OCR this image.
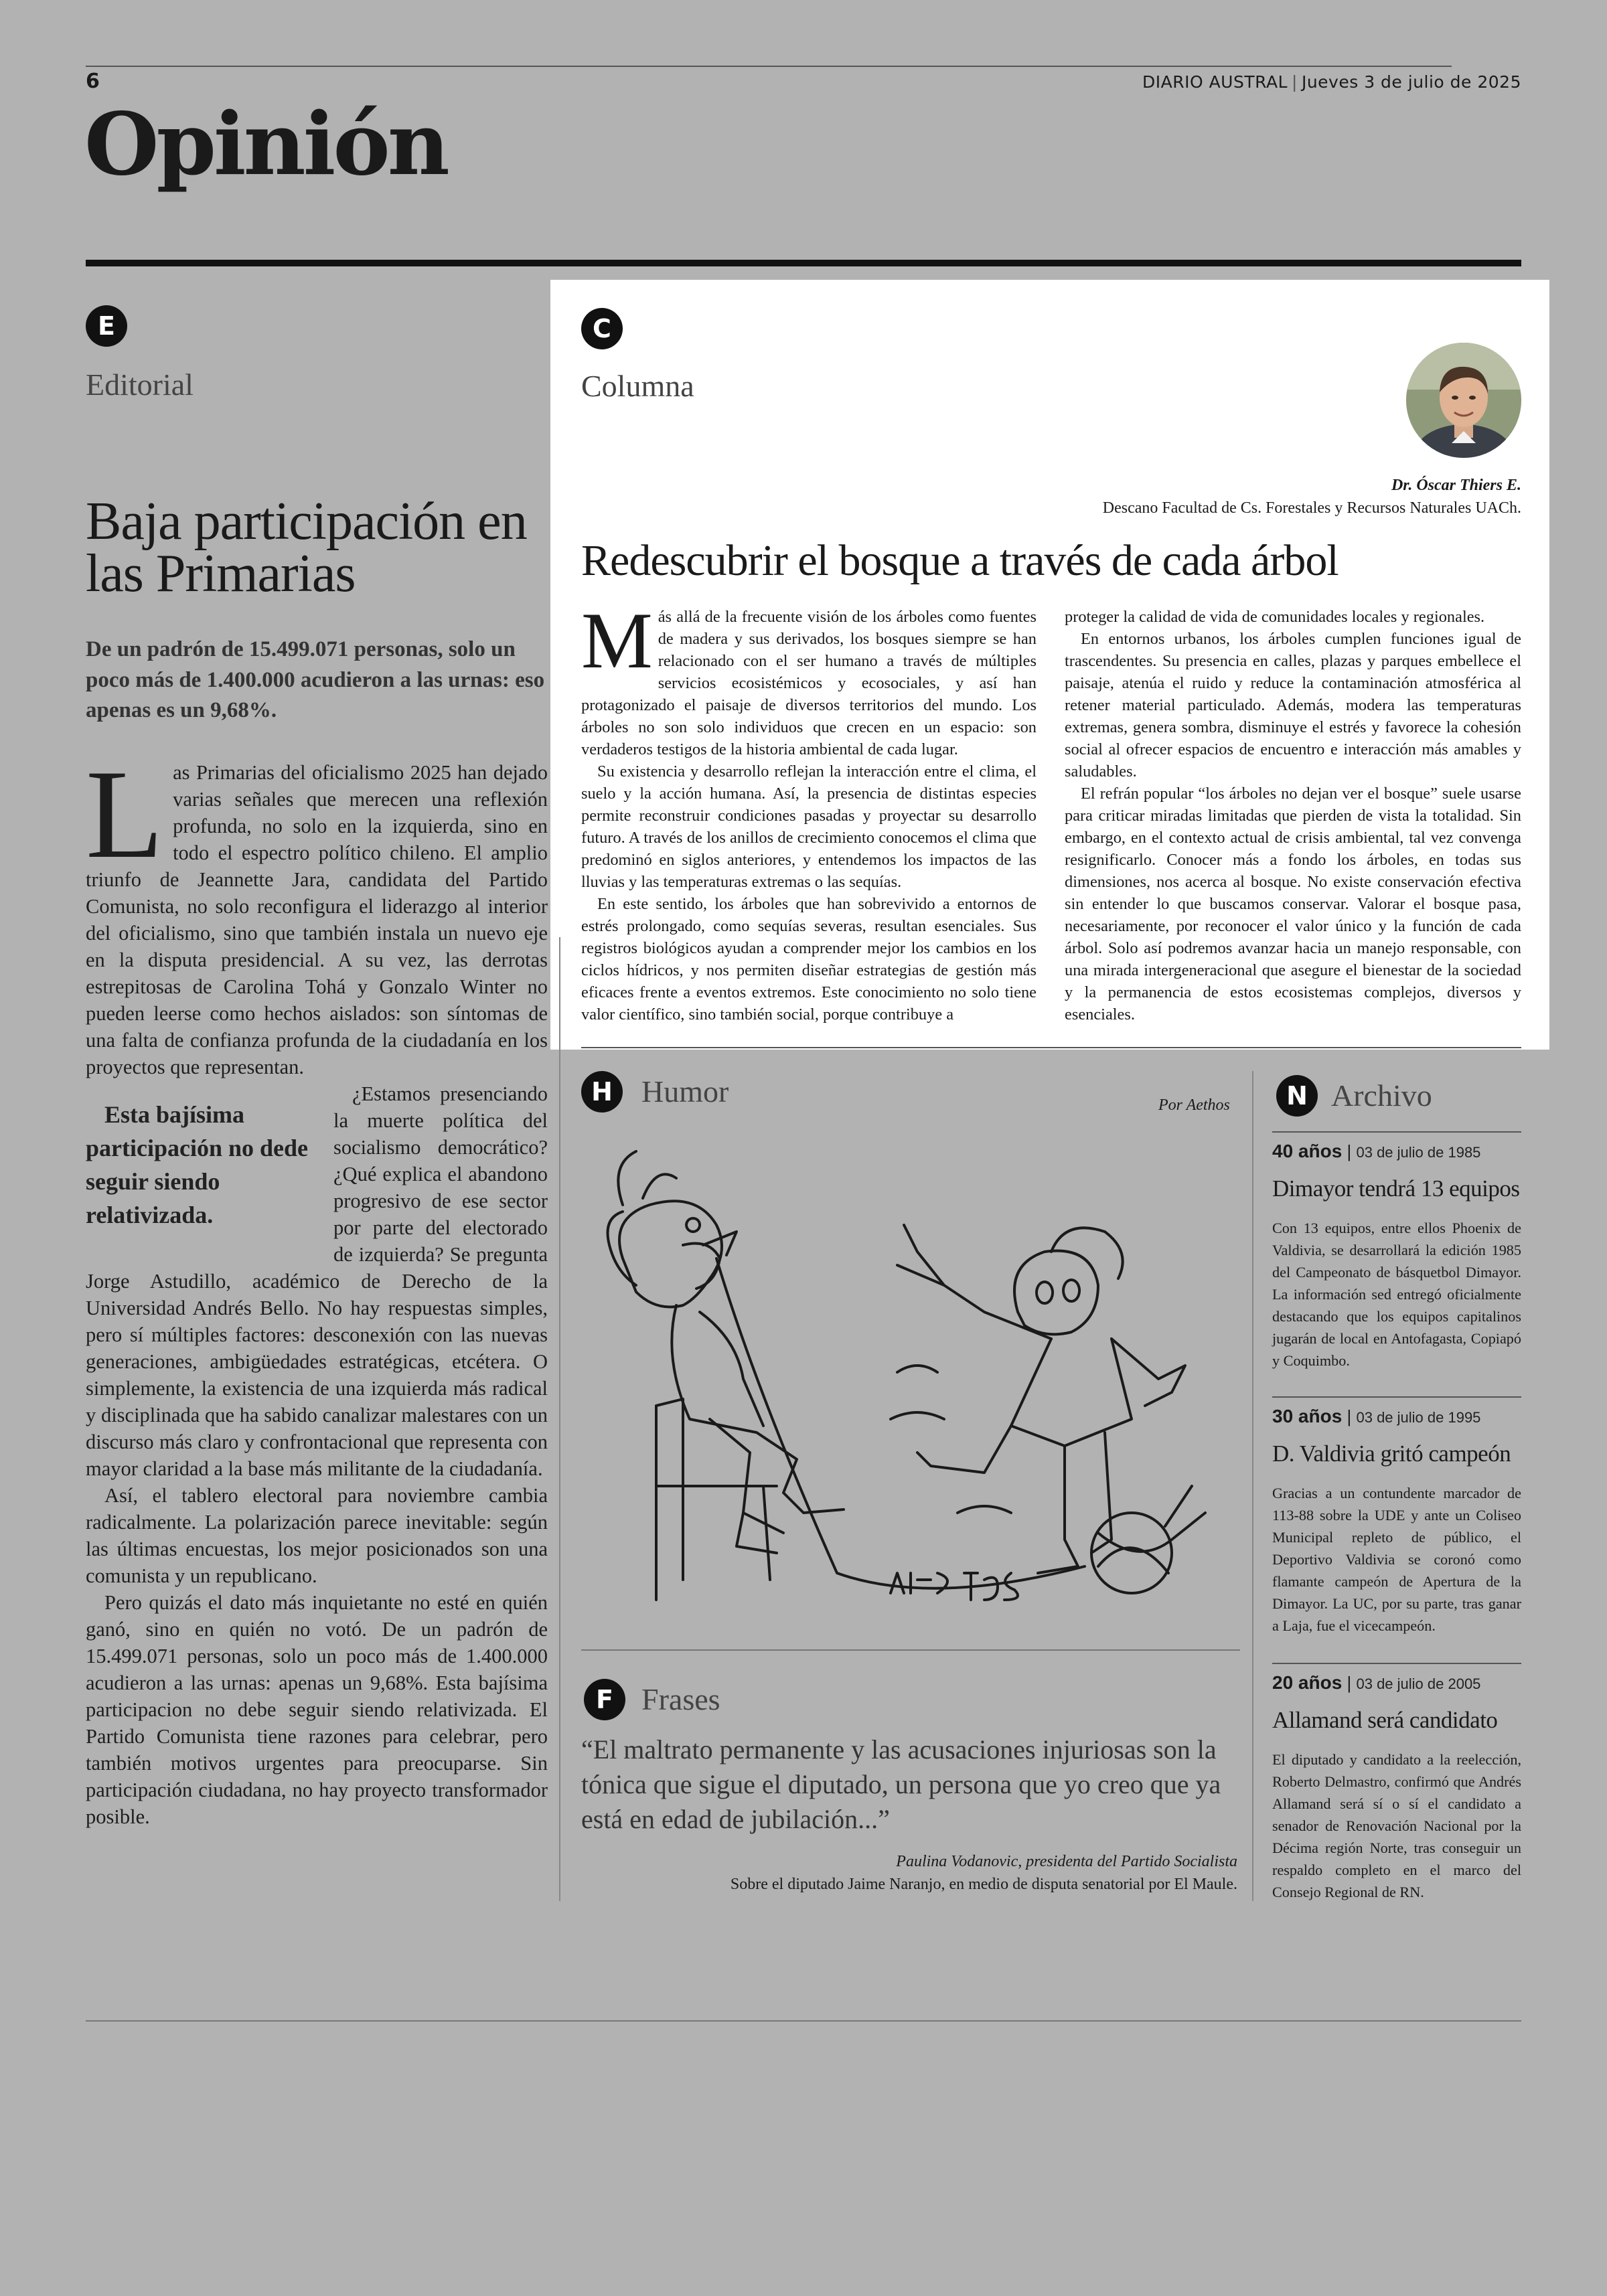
6	DIARIO AUSTRAL | Jueves 3 de julio de 2025
Opinión
E
Editorial
Baja participación en las Primarias
De un padrón de 15.499.071 personas, solo un poco más de 1.400.000 acudieron a las urnas: eso apenas es un 9,68%.

Las Primarias del oficialismo 2025 han dejado varias señales que merecen una reflexión profunda, no solo en la izquierda, sino en todo el espectro político chileno. El amplio triunfo de Jeannette Jara, candidata del Partido Comunista, no solo reconfigura el liderazgo al interior del oficialismo, sino que también instala un nuevo eje en la disputa presidencial. A su vez, las derrotas estrepitosas de Carolina Tohá y Gonzalo Winter no pueden leerse como hechos aislados: son síntomas de una falta de confianza profunda de la ciudadanía en los proyectos que representan.

Esta bajísima participación no dede seguir siendo relativizada.
¿Estamos presenciando la muerte política del socialismo democrático? ¿Qué explica el abandono progresivo de ese sector por parte del electorado de izquierda? Se pregunta Jorge Astudillo, académico de Derecho de la Universidad Andrés Bello. No hay respuestas simples, pero sí múltiples factores: desconexión con las nuevas generaciones, ambigüedades estratégicas, etcétera. O simplemente, la existencia de una izquierda más radical y disciplinada que ha sabido canalizar malestares con un discurso más claro y confrontacional que representa con mayor claridad a la base más militante de la ciudadanía.

Así, el tablero electoral para noviembre cambia radicalmente. La polarización parece inevitable: según las últimas encuestas, los mejor posicionados son una comunista y un republicano.

Pero quizás el dato más inquietante no esté en quién ganó, sino en quién no votó. De un padrón de 15.499.071 personas, solo un poco más de 1.400.000 acudieron a las urnas: apenas un 9,68%. Esta bajísima participacion no debe seguir siendo relativizada. El Partido Comunista tiene razones para celebrar, pero también motivos urgentes para preocuparse. Sin participación ciudadana, no hay proyecto transformador posible.

C
Columna
Dr. Óscar Thiers E.
Descano Facultad de Cs. Forestales y Recursos Naturales UACh.
Redescubrir el bosque a través de cada árbol

Más allá de la frecuente visión de los árboles como fuentes de madera y sus derivados, los bosques siempre se han relacionado con el ser humano a través de múltiples servicios ecosistémicos y ecosociales, y así han protagonizado el paisaje de diversos territorios del mundo. Los árboles no son solo individuos que crecen en un espacio: son verdaderos testigos de la historia ambiental de cada lugar.

Su existencia y desarrollo reflejan la interacción entre el clima, el suelo y la acción humana. Así, la presencia de distintas especies permite reconstruir condiciones pasadas y proyectar su desarrollo futuro. A través de los anillos de crecimiento conocemos el clima que predominó en siglos anteriores, y entendemos los impactos de las lluvias y las temperaturas extremas o las sequías.

En este sentido, los árboles que han sobrevivido a entornos de estrés prolongado, como sequías severas, resultan esenciales. Sus registros biológicos ayudan a comprender mejor los cambios en los ciclos hídricos, y nos permiten diseñar estrategias de gestión más eficaces frente a eventos extremos. Este conocimiento no solo tiene valor científico, sino también social, porque contribuye a

proteger la calidad de vida de comunidades locales y regionales.

En entornos urbanos, los árboles cumplen funciones igual de trascendentes. Su presencia en calles, plazas y parques embellece el paisaje, atenúa el ruido y reduce la contaminación atmosférica al retener material particulado. Además, modera las temperaturas extremas, genera sombra, disminuye el estrés y favorece la cohesión social al ofrecer espacios de encuentro e interacción más amables y saludables.

El refrán popular “los árboles no dejan ver el bosque” suele usarse para criticar miradas limitadas que pierden de vista la totalidad. Sin embargo, en el contexto actual de crisis ambiental, tal vez convenga resignificarlo. Conocer más a fondo los árboles, en todas sus dimensiones, nos acerca al bosque. No existe conservación efectiva sin entender lo que buscamos conservar. Valorar el bosque pasa, necesariamente, por reconocer el valor único y la función de cada árbol. Solo así podremos avanzar hacia un manejo responsable, con una mirada intergeneracional que asegure el bienestar de la sociedad y la permanencia de estos ecosistemas complejos, diversos y esenciales.

H Humor	Por Aethos
F Frases
“El maltrato permanente y las acusaciones injuriosas son la tónica que sigue el diputado, un persona que yo creo que ya está en edad de jubilación...”
Paulina Vodanovic, presidenta del Partido Socialista
Sobre el diputado Jaime Naranjo, en medio de disputa senatorial por El Maule.
N Archivo
40 años | 03 de julio de 1985
Dimayor tendrá 13 equipos
Con 13 equipos, entre ellos Phoenix de Valdivia, se desarrollará la edición 1985 del Campeonato de básquetbol Dimayor. La información sed entregó oficialmente destacando que los equipos capitalinos jugarán de local en Antofagasta, Copiapó y Coquimbo.
30 años | 03 de julio de 1995
D. Valdivia gritó campeón
Gracias a un contundente marcador de 113-88 sobre la UDE y ante un Coliseo Municipal repleto de público, el Deportivo Valdivia se coronó como flamante campeón de Apertura de la Dimayor. La UC, por su parte, tras ganar a Laja, fue el vicecampeón.
20 años | 03 de julio de 2005
Allamand será candidato
El diputado y candidato a la reelección, Roberto Delmastro, confirmó que Andrés Allamand será sí o sí el candidato a senador de Renovación Nacional por la Décima región Norte, tras conseguir un respaldo completo en el marco del Consejo Regional de RN.
